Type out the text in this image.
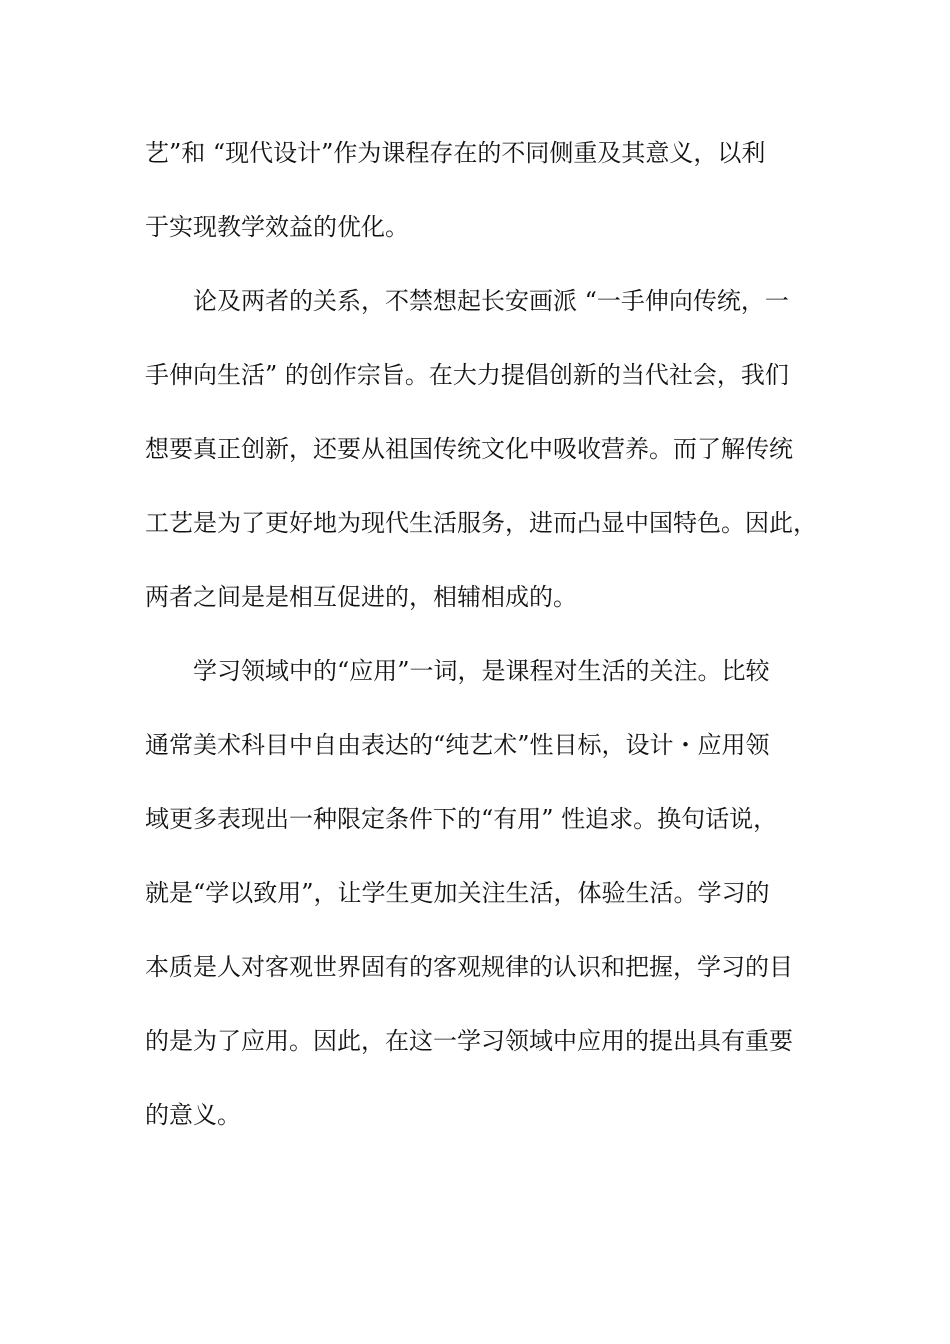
艺”和 “现代设计”作为课程存在的不同侧重及其意义，以利
于实现教学效益的优化。
论及两者的关系，不禁想起长安画派 “一手伸向传统，一
手伸向生活” 的创作宗旨。在大力提倡创新的当代社会，我们
想要真正创新，还要从祖国传统文化中吸收营养。而了解传统
工艺是为了更好地为现代生活服务，进而凸显中国特色。因此，
两者之间是是相互促进的，相辅相成的。
学习领域中的“应用”一词，是课程对生活的关注。比较
通常美术科目中自由表达的“纯艺术”性目标，设计・应用领
域更多表现出一种限定条件下的“有用” 性追求。换句话说，
就是“学以致用”，让学生更加关注生活，体验生活。学习的
本质是人对客观世界固有的客观规律的认识和把握，学习的目
的是为了应用。因此，在这一学习领域中应用的提出具有重要
的意义。
